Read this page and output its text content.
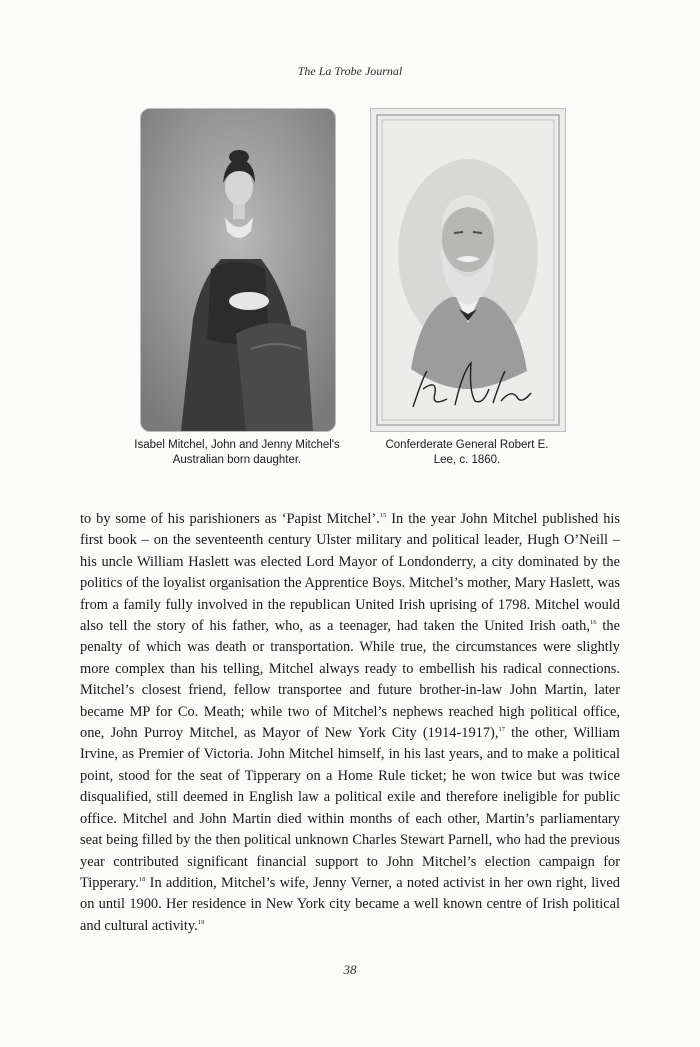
The La Trobe Journal
Isabel Mitchel, John and Jenny Mitchel's
Australian born daughter.
Conferderate General Robert E.
Lee, c. 1860.

to by some of his parishioners as ‘Papist Mitchel’.$^{15}$ In the year John Mitchel published his first book – on the seventeenth century Ulster military and political leader, Hugh O’Neill – his uncle William Haslett was elected Lord Mayor of Londonderry, a city dominated by the politics of the loyalist organisation the Apprentice Boys. Mitchel’s mother, Mary Haslett, was from a family fully involved in the republican United Irish uprising of 1798. Mitchel would also tell the story of his father, who, as a teenager, had taken the United Irish oath,$^{16}$ the penalty of which was death or transportation. While true, the circumstances were slightly more complex than his telling, Mitchel always ready to embellish his radical connections. Mitchel’s closest friend, fellow transportee and future brother-in-law John Martin, later became MP for Co. Meath; while two of Mitchel’s nephews reached high political office, one, John Purroy Mitchel, as Mayor of New York City (1914-1917),$^{17}$ the other, William Irvine, as Premier of Victoria. John Mitchel himself, in his last years, and to make a political point, stood for the seat of Tipperary on a Home Rule ticket; he won twice but was twice disqualified, still deemed in English law a political exile and therefore ineligible for public office. Mitchel and John Martin died within months of each other, Martin’s parliamentary seat being filled by the then political unknown Charles Stewart Parnell, who had the previous year contributed significant financial support to John Mitchel’s election campaign for Tipperary.$^{18}$ In addition, Mitchel’s wife, Jenny Verner, a noted activist in her own right, lived on until 1900. Her residence in New York city became a well known centre of Irish political and cultural activity.$^{19}$

38
